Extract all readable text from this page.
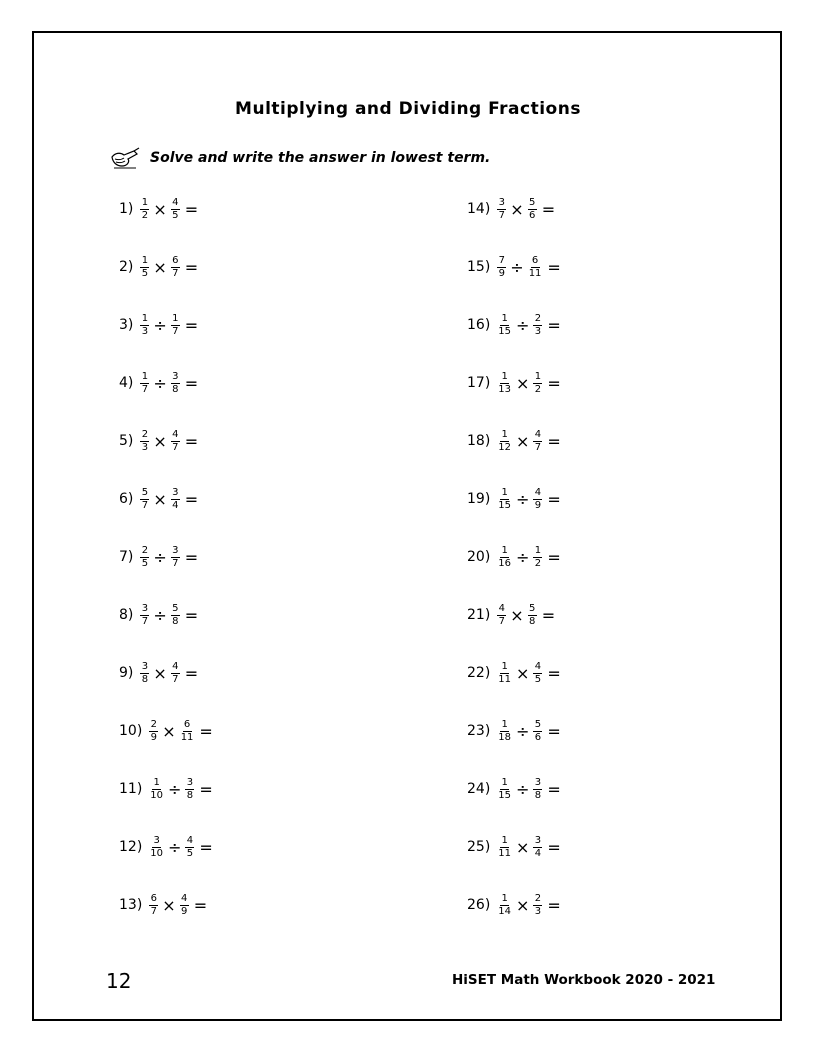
Multiplying and Dividing Fractions
Solve and write the answer in lowest term.
$1) \frac{1}{2} \times \frac{4}{5}$ =
$2) \frac{1}{5} \times \frac{6}{7}$ =
$3) \frac{1}{3} \div \frac{1}{7}$ =
$4) \frac{1}{7} \div \frac{3}{8}$ =
$5) \frac{2}{3} \times \frac{4}{7}$ =
$6) \frac{5}{7} \times \frac{3}{4}$ =
$7) \frac{2}{5} \div \frac{3}{7}$ =
$8) \frac{3}{7} \div \frac{5}{8}$ =
$9) \frac{3}{8} \times \frac{4}{7}$ =
$10) \frac{2}{9} \times \frac{6}{11}$ =
$11) \frac{1}{10} \div \frac{3}{8}$ =
$12) \frac{3}{10} \div \frac{4}{5}$ =
$13) \frac{6}{7} \times \frac{4}{9}$ =
$14) \frac{3}{7} \times \frac{5}{6}$ =
$15) \frac{7}{9} \div \frac{6}{11}$ =
$16) \frac{1}{15} \div \frac{2}{3}$ =
$17) \frac{1}{13} \times \frac{1}{2}$ =
$18) \frac{1}{12} \times \frac{4}{7}$ =
$19) \frac{1}{15} \div \frac{4}{9}$ =
$20) \frac{1}{16} \div \frac{1}{2}$ =
$21) \frac{4}{7} \times \frac{5}{8}$ =
$22) \frac{1}{11} \times \frac{4}{5}$ =
$23) \frac{1}{18} \div \frac{5}{6}$ =
$24) \frac{1}{15} \div \frac{3}{8}$ =
$25) \frac{1}{11} \times \frac{3}{4}$ =
$26) \frac{1}{14} \times \frac{2}{3}$ =
12	HiSET Math Workbook 2020 - 2021
